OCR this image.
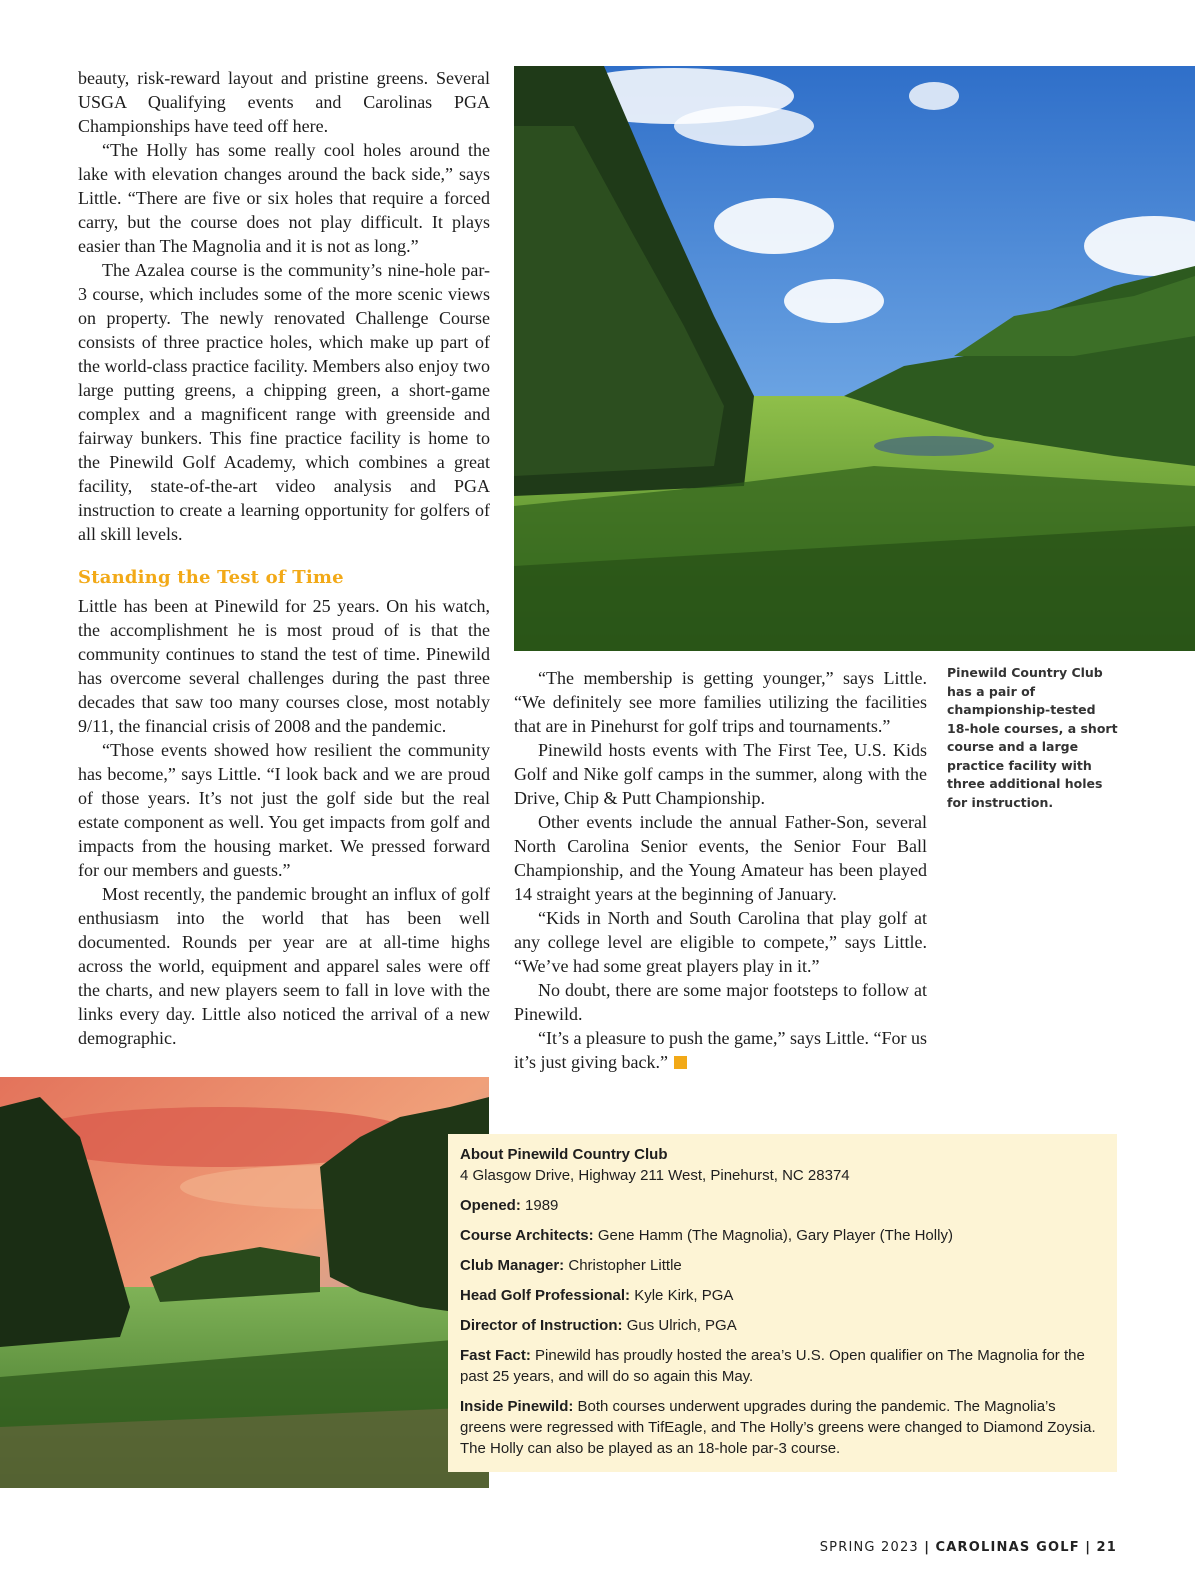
beauty, risk-reward layout and pristine greens. Several USGA Qualifying events and Carolinas PGA Championships have teed off here.

“The Holly has some really cool holes around the lake with elevation changes around the back side,” says Little. “There are five or six holes that require a forced carry, but the course does not play difficult. It plays easier than The Magnolia and it is not as long.”

The Azalea course is the community’s nine-hole par-3 course, which includes some of the more scenic views on property. The newly renovated Challenge Course consists of three practice holes, which make up part of the world-class practice facility. Members also enjoy two large putting greens, a chipping green, a short-game complex and a magnificent range with greenside and fairway bunkers. This fine practice facility is home to the Pinewild Golf Academy, which combines a great facility, state-of-the-art video analysis and PGA instruction to create a learning opportunity for golfers of all skill levels.

Standing the Test of Time

Little has been at Pinewild for 25 years. On his watch, the accomplishment he is most proud of is that the community continues to stand the test of time. Pinewild has overcome several challenges during the past three decades that saw too many courses close, most notably 9/11, the financial crisis of 2008 and the pandemic.

“Those events showed how resilient the community has become,” says Little. “I look back and we are proud of those years. It’s not just the golf side but the real estate component as well. You get impacts from golf and impacts from the housing market. We pressed forward for our members and guests.”

Most recently, the pandemic brought an influx of golf enthusiasm into the world that has been well documented. Rounds per year are at all-time highs across the world, equipment and apparel sales were off the charts, and new players seem to fall in love with the links every day. Little also noticed the arrival of a new demographic.

Pinewild Country Club has a pair of championship-tested 18-hole courses, a short course and a large practice facility with three additional holes for instruction.

“The membership is getting younger,” says Little. “We definitely see more families utilizing the facilities that are in Pinehurst for golf trips and tournaments.”

Pinewild hosts events with The First Tee, U.S. Kids Golf and Nike golf camps in the summer, along with the Drive, Chip & Putt Championship.

Other events include the annual Father-Son, several North Carolina Senior events, the Senior Four Ball Championship, and the Young Amateur has been played 14 straight years at the beginning of January.

“Kids in North and South Carolina that play golf at any college level are eligible to compete,” says Little. “We’ve had some great players play in it.”

No doubt, there are some major footsteps to follow at Pinewild.

“It’s a pleasure to push the game,” says Little. “For us it’s just giving back.”

About Pinewild Country Club

4 Glasgow Drive, Highway 211 West, Pinehurst, NC 28374

Opened: 1989

Course Architects: Gene Hamm (The Magnolia), Gary Player (The Holly)

Club Manager: Christopher Little

Head Golf Professional: Kyle Kirk, PGA

Director of Instruction: Gus Ulrich, PGA

Fast Fact: Pinewild has proudly hosted the area’s U.S. Open qualifier on The Magnolia for the past 25 years, and will do so again this May.

Inside Pinewild: Both courses underwent upgrades during the pandemic. The Magnolia’s greens were regressed with TifEagle, and The Holly’s greens were changed to Diamond Zoysia. The Holly can also be played as an 18-hole par-3 course.

SPRING 2023 | CAROLINAS GOLF | 21
